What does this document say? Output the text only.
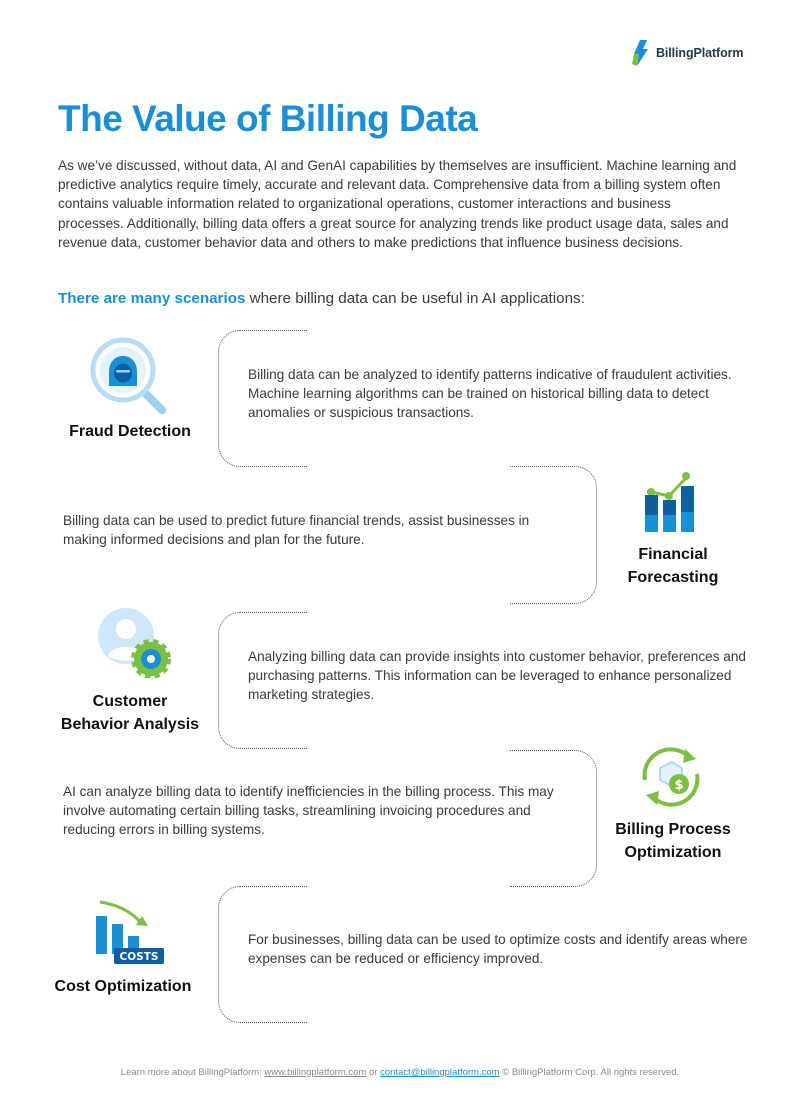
BillingPlatform
The Value of Billing Data
As we’ve discussed, without data, AI and GenAI capabilities by themselves are insufficient. Machine learning and predictive analytics require timely, accurate and relevant data. Comprehensive data from a billing system often contains valuable information related to organizational operations, customer interactions and business processes. Additionally, billing data offers a great source for analyzing trends like product usage data, sales and revenue data, customer behavior data and others to make predictions that influence business decisions.
There are many scenarios where billing data can be useful in AI applications:
Fraud Detection
Billing data can be analyzed to identify patterns indicative of fraudulent activities. Machine learning algorithms can be trained on historical billing data to detect anomalies or suspicious transactions.
Financial
Forecasting
Billing data can be used to predict future financial trends, assist businesses in making informed decisions and plan for the future.
Customer
Behavior Analysis
Analyzing billing data can provide insights into customer behavior, preferences and purchasing patterns. This information can be leveraged to enhance personalized marketing strategies.
$
Billing Process
Optimization
AI can analyze billing data to identify inefficiencies in the billing process. This may involve automating certain billing tasks, streamlining invoicing procedures and reducing errors in billing systems.
COSTS
Cost Optimization
For businesses, billing data can be used to optimize costs and identify areas where expenses can be reduced or efficiency improved.
Learn more about BillingPlatform: www.billingplatform.com or contact@billingplatform.com © BillingPlatform Corp. All rights reserved.
